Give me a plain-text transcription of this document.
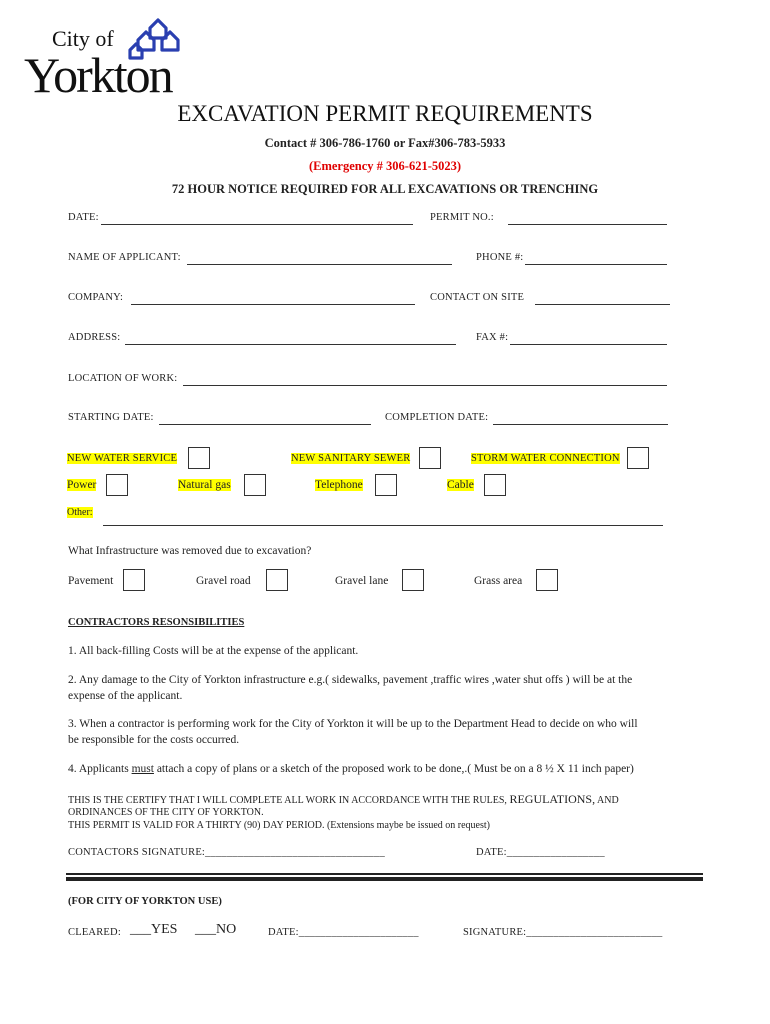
City of
Yorkton
EXCAVATION PERMIT REQUIREMENTS
Contact # 306-786-1760 or Fax#306-783-5933
(Emergency # 306-621-5023)
72 HOUR NOTICE REQUIRED FOR ALL EXCAVATIONS OR TRENCHING
DATE:	PERMIT NO.:
NAME OF APPLICANT:	PHONE #:
COMPANY:	CONTACT ON SITE
ADDRESS:	FAX #:
LOCATION OF WORK:
STARTING DATE:	COMPLETION DATE:
NEW WATER SERVICE	NEW SANITARY SEWER	STORM WATER CONNECTION
Power	Natural gas	Telephone	Cable
Other:
What Infrastructure was removed due to excavation?
Pavement	Gravel road	Gravel lane	Grass area
CONTRACTORS RESONSIBILITIES
1. All back-filling Costs will be at the expense of the applicant.
2. Any damage to the City of Yorkton infrastructure e.g.( sidewalks, pavement ,traffic wires ,water shut offs ) will be at the
expense of the applicant.
3. When a contractor is performing work for the City of Yorkton it will be up to the Department Head to decide on who will
be responsible for the costs occurred.
4. Applicants must attach a copy of plans or a sketch of the proposed work to be done,.( Must be on a 8 ½ X 11 inch paper)
THIS IS THE CERTIFY THAT I WILL COMPLETE ALL WORK IN ACCORDANCE WITH THE RULES, REGULATIONS, AND
ORDINANCES OF THE CITY OF YORKTON.
THIS PERMIT IS VALID FOR A THIRTY (90) DAY PERIOD. (Extensions maybe be issued on request)
CONTACTORS SIGNATURE:_________________________________	DATE:__________________
(FOR CITY OF YORKTON USE)
CLEARED: ___YES ___NO	DATE:______________________	SIGNATURE:_________________________
